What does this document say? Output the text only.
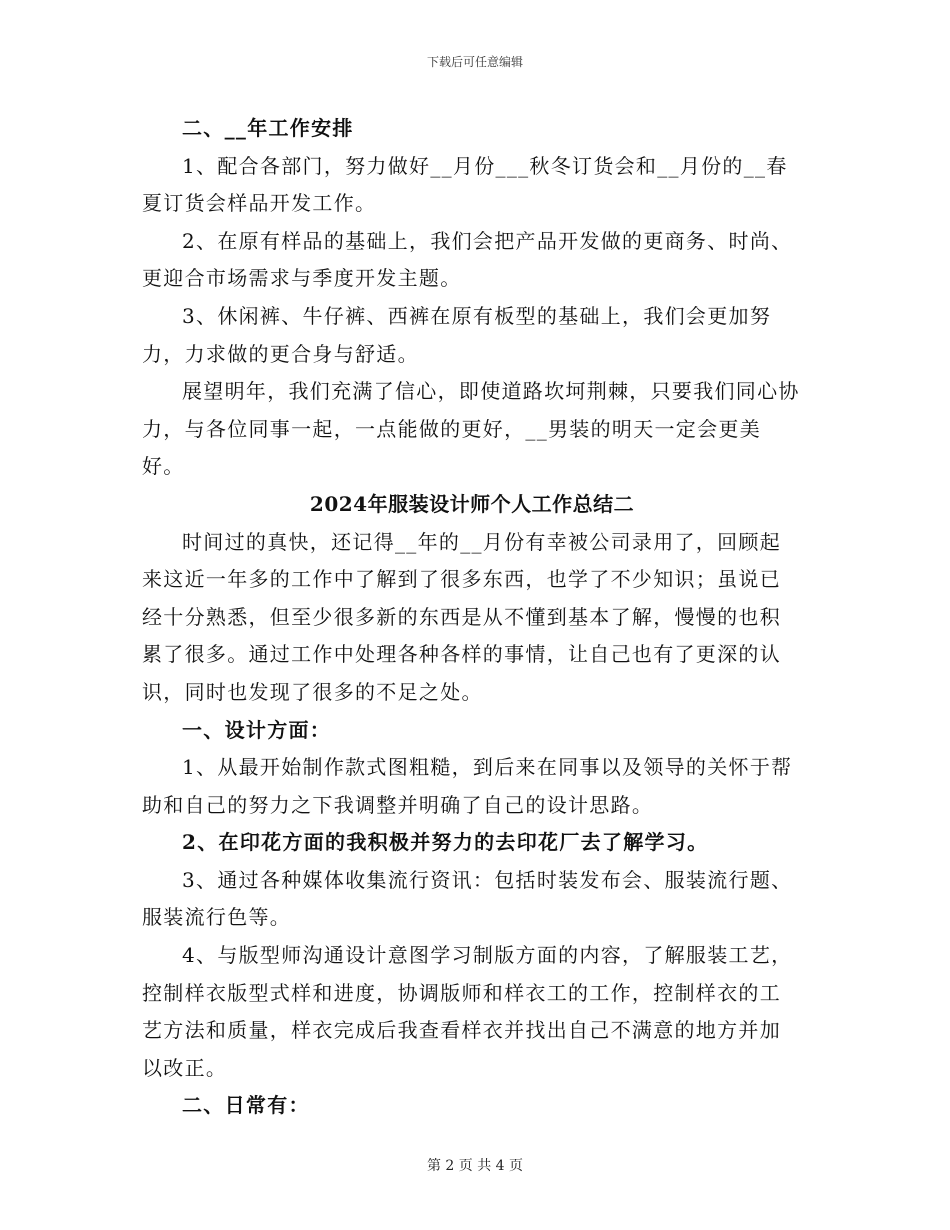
下载后可任意编辑

二、__年工作安排

1、配合各部门，努力做好__月份___秋冬订货会和__月份的__春夏订货会样品开发工作。

2、在原有样品的基础上，我们会把产品开发做的更商务、时尚、更迎合市场需求与季度开发主题。

3、休闲裤、牛仔裤、西裤在原有板型的基础上，我们会更加努力，力求做的更合身与舒适。

展望明年，我们充满了信心，即使道路坎坷荆棘，只要我们同心协力，与各位同事一起，一点能做的更好，__男装的明天一定会更美好。

2024年服装设计师个人工作总结二

时间过的真快，还记得__年的__月份有幸被公司录用了，回顾起来这近一年多的工作中了解到了很多东西，也学了不少知识；虽说已经十分熟悉，但至少很多新的东西是从不懂到基本了解，慢慢的也积累了很多。通过工作中处理各种各样的事情，让自己也有了更深的认识，同时也发现了很多的不足之处。

一、设计方面：

1、从最开始制作款式图粗糙，到后来在同事以及领导的关怀于帮助和自己的努力之下我调整并明确了自己的设计思路。

2、在印花方面的我积极并努力的去印花厂去了解学习。

3、通过各种媒体收集流行资讯：包括时装发布会、服装流行题、服装流行色等。

4、与版型师沟通设计意图学习制版方面的内容，了解服装工艺，控制样衣版型式样和进度，协调版师和样衣工的工作，控制样衣的工艺方法和质量，样衣完成后我查看样衣并找出自己不满意的地方并加以改正。

二、日常有：

第 2 页 共 4 页
